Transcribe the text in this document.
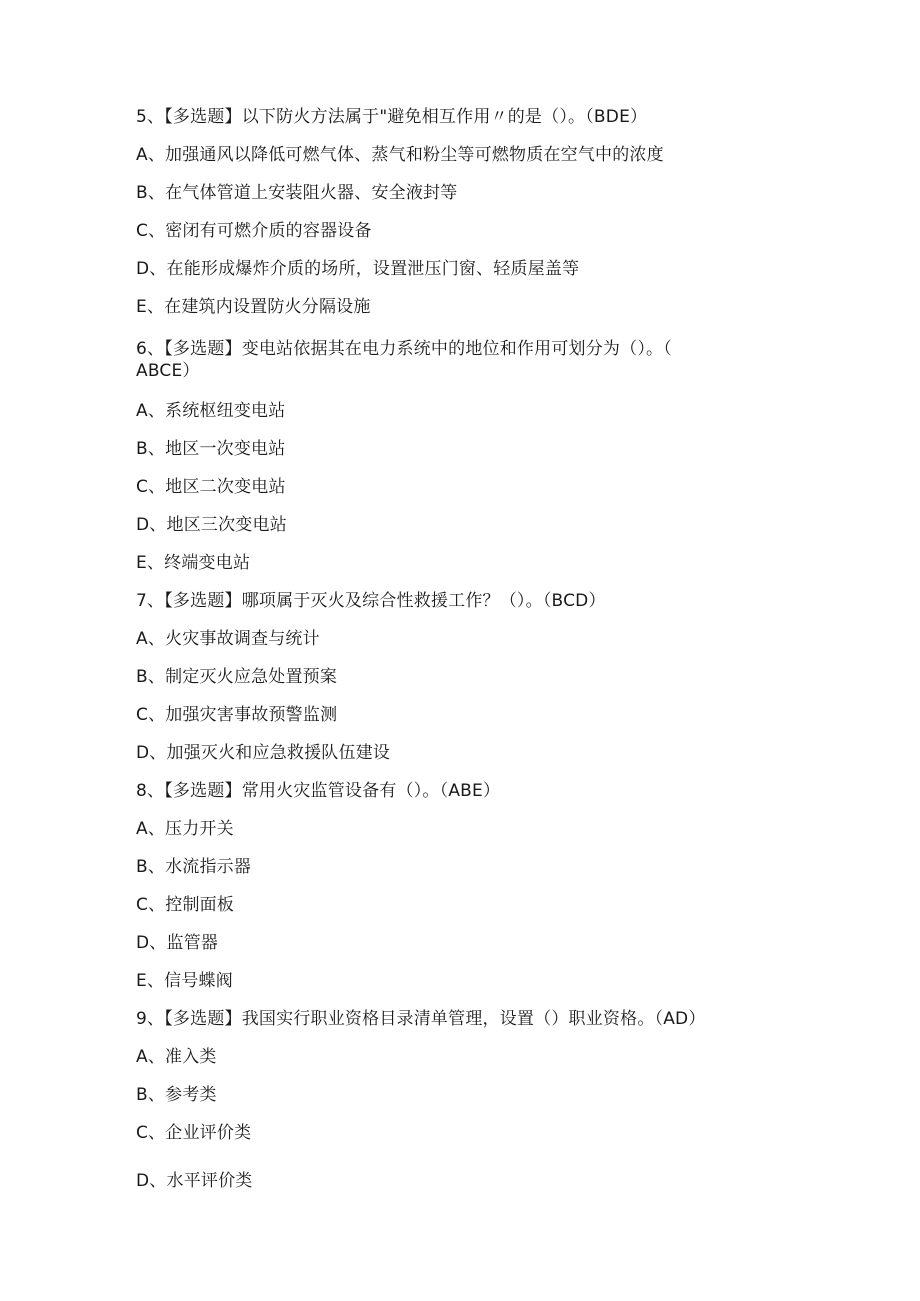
5、【多选题】以下防火方法属于"避免相互作用〃的是（）。（BDE）
A、加强通风以降低可燃气体、蒸气和粉尘等可燃物质在空气中的浓度
B、在气体管道上安装阻火器、安全液封等
C、密闭有可燃介质的容器设备
D、在能形成爆炸介质的场所，设置泄压门窗、轻质屋盖等
E、在建筑内设置防火分隔设施
6、【多选题】变电站依据其在电力系统中的地位和作用可划分为（）。（
ABCE）
A、系统枢纽变电站
B、地区一次变电站
C、地区二次变电站
D、地区三次变电站
E、终端变电站
7、【多选题】哪项属于灭火及综合性救援工作？（）。（BCD）
A、火灾事故调查与统计
B、制定灭火应急处置预案
C、加强灾害事故预警监测
D、加强灭火和应急救援队伍建设
8、【多选题】常用火灾监管设备有（）。（ABE）
A、压力开关
B、水流指示器
C、控制面板
D、监管器
E、信号蝶阀
9、【多选题】我国实行职业资格目录清单管理，设置（）职业资格。（AD）
A、准入类
B、参考类
C、企业评价类
D、水平评价类
